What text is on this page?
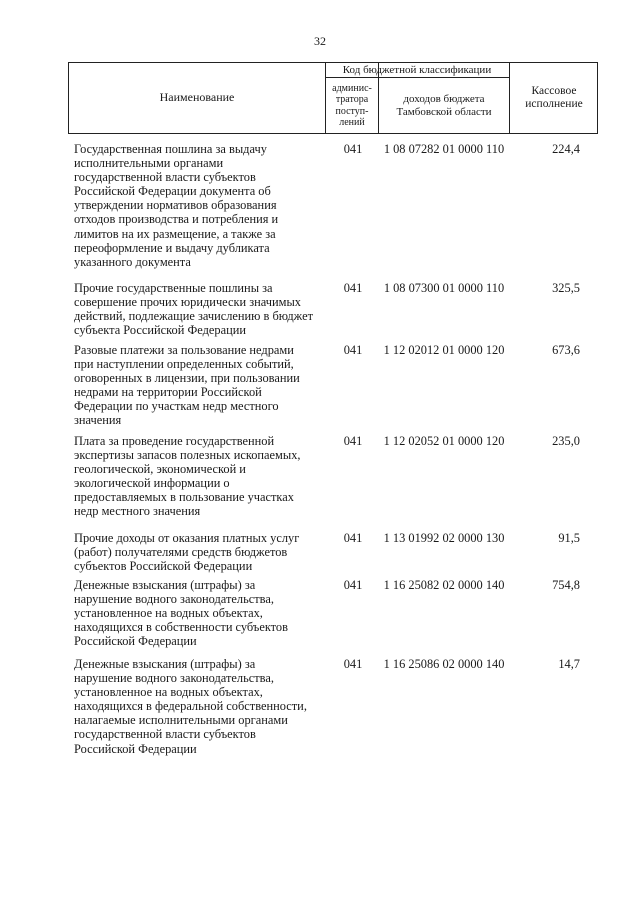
32
Наименование
Код бюджетной классификации
админис-тратора поступ-лений
доходов бюджета Тамбовской области
Кассовое исполнение
Государственная пошлина за выдачу исполнительными органами государственной власти субъектов Российской Федерации документа об утверждении нормативов образования отходов производства и потребления и лимитов на их размещение, а также за переоформление и выдачу дубликата указанного документа
041	1 08 07282 01 0000 110	224,4
Прочие государственные пошлины за совершение прочих юридически значимых действий, подлежащие зачислению в бюджет субъекта Российской Федерации
041	1 08 07300 01 0000 110	325,5
Разовые платежи за пользование недрами при наступлении определенных событий, оговоренных в лицензии, при пользовании недрами на территории Российской Федерации по участкам недр местного значения
041	1 12 02012 01 0000 120	673,6
Плата за проведение государственной экспертизы запасов полезных ископаемых, геологической, экономической и экологической информации о предоставляемых в пользование участках недр местного значения
041	1 12 02052 01 0000 120	235,0
Прочие доходы от оказания платных услуг (работ) получателями средств бюджетов субъектов Российской Федерации
041	1 13 01992 02 0000 130	91,5
Денежные взыскания (штрафы) за нарушение водного законодательства, установленное на водных объектах, находящихся в собственности субъектов Российской Федерации
041	1 16 25082 02 0000 140	754,8
Денежные взыскания (штрафы) за нарушение водного законодательства, установленное на водных объектах, находящихся в федеральной собственности, налагаемые исполнительными органами государственной власти субъектов Российской Федерации
041	1 16 25086 02 0000 140	14,7
